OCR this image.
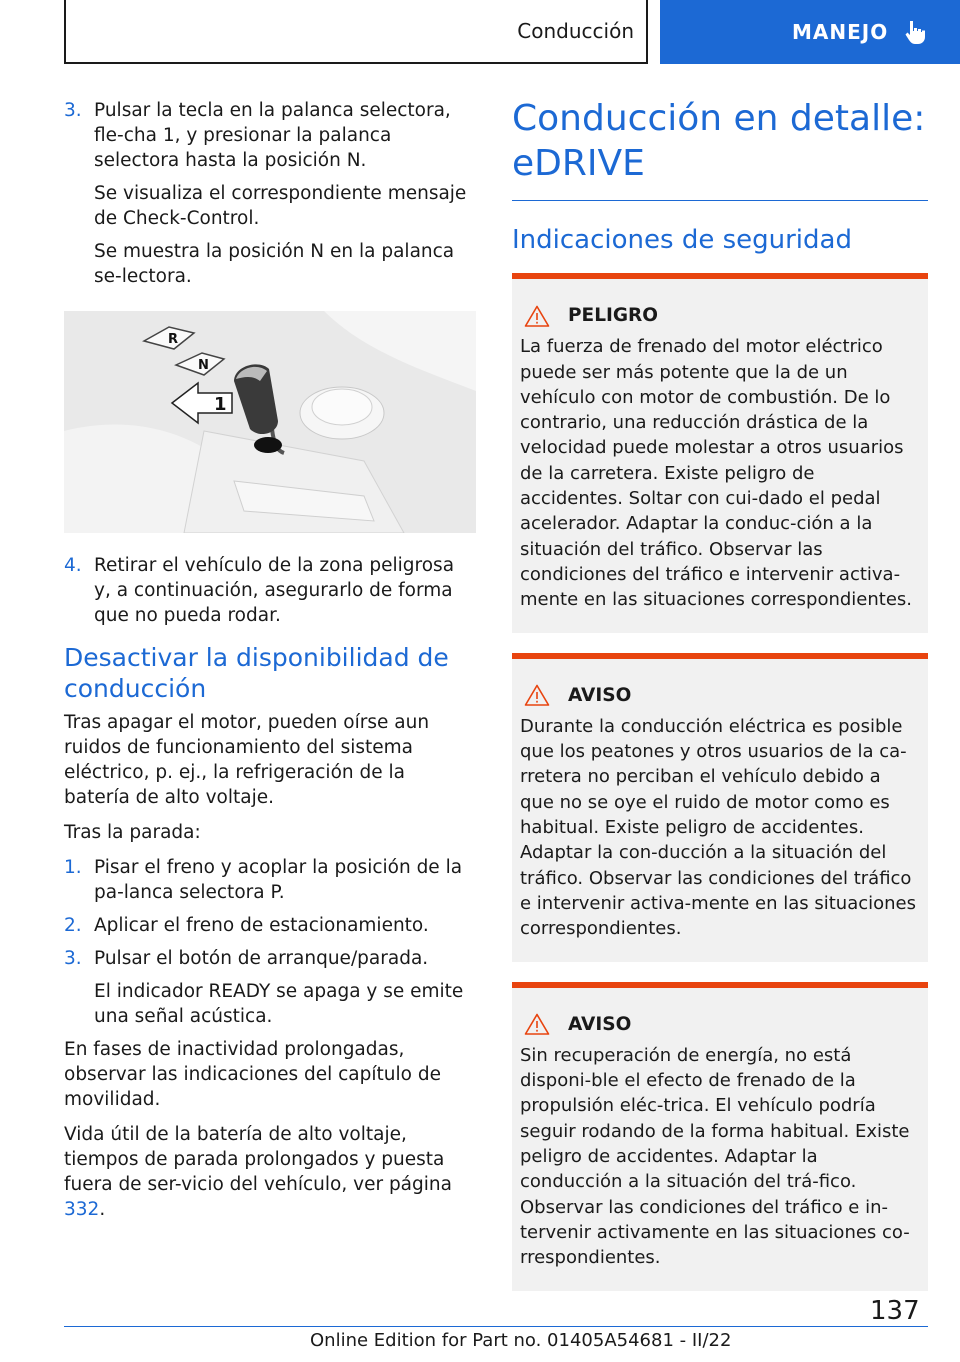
Conducción	MANEJO
3. Pulsar la tecla en la palanca selectora, fle-cha 1, y presionar la palanca selectora hasta la posición N.
Se visualiza el correspondiente mensaje de Check-Control.
Se muestra la posición N en la palanca se-lectora.
R
N
1
4. Retirar el vehículo de la zona peligrosa y, a continuación, asegurarlo de forma que no pueda rodar.
Desactivar la disponibilidad de conducción
Tras apagar el motor, pueden oírse aun ruidos de funcionamiento del sistema eléctrico, p. ej., la refrigeración de la batería de alto voltaje.
Tras la parada:
1. Pisar el freno y acoplar la posición de la pa-lanca selectora P.
2. Aplicar el freno de estacionamiento.
3. Pulsar el botón de arranque/parada.
El indicador READY se apaga y se emite una señal acústica.
En fases de inactividad prolongadas, observar las indicaciones del capítulo de movilidad.
Vida útil de la batería de alto voltaje, tiempos de parada prolongados y puesta fuera de ser-vicio del vehículo, ver página 332.
Conducción en detalle: eDRIVE
Indicaciones de seguridad
PELIGRO
La fuerza de frenado del motor eléctrico puede ser más potente que la de un vehículo con motor de combustión. De lo contrario, una reducción drástica de la velocidad puede molestar a otros usuarios de la carretera. Existe peligro de accidentes. Soltar con cui-dado el pedal acelerador. Adaptar la conduc-ción a la situación del tráfico. Observar las condiciones del tráfico e intervenir activa-mente en las situaciones correspondientes.
AVISO
Durante la conducción eléctrica es posible que los peatones y otros usuarios de la ca-rretera no perciban el vehículo debido a que no se oye el ruido de motor como es habitual. Existe peligro de accidentes. Adaptar la con-ducción a la situación del tráfico. Observar las condiciones del tráfico e intervenir activa-mente en las situaciones correspondientes.
AVISO
Sin recuperación de energía, no está disponi-ble el efecto de frenado de la propulsión eléc-trica. El vehículo podría seguir rodando de la forma habitual. Existe peligro de accidentes. Adaptar la conducción a la situación del trá-fico. Observar las condiciones del tráfico e in-tervenir activamente en las situaciones co-rrespondientes.
137
Online Edition for Part no. 01405A54681 - II/22
